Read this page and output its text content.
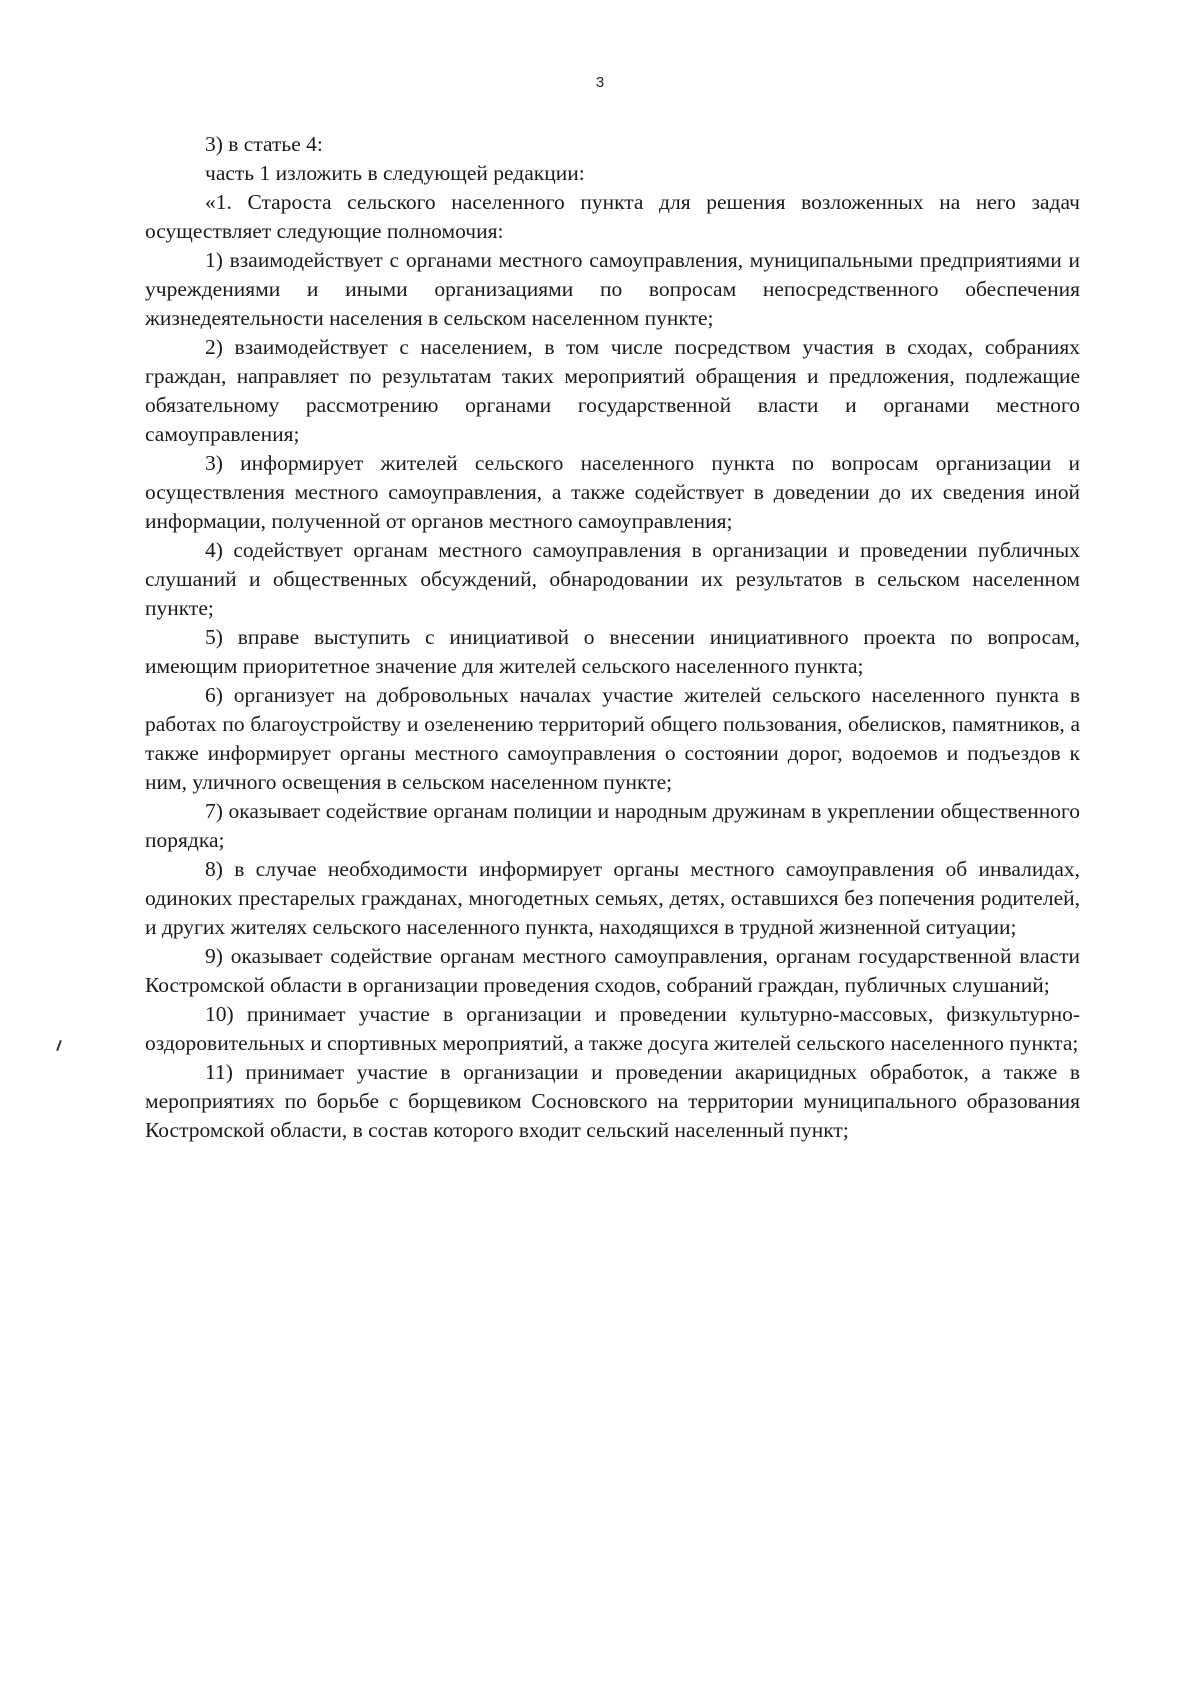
3

3) в статье 4:

часть 1 изложить в следующей редакции:

«1. Староста сельского населенного пункта для решения возложенных на него задач осуществляет следующие полномочия:

1) взаимодействует с органами местного самоуправления, муниципальными предприятиями и учреждениями и иными организациями по вопросам непосредственного обеспечения жизнедеятельности населения в сельском населенном пункте;

2) взаимодействует с населением, в том числе посредством участия в сходах, собраниях граждан, направляет по результатам таких мероприятий обращения и предложения, подлежащие обязательному рассмотрению органами государственной власти и органами местного самоуправления;

3) информирует жителей сельского населенного пункта по вопросам организации и осуществления местного самоуправления, а также содействует в доведении до их сведения иной информации, полученной от органов местного самоуправления;

4) содействует органам местного самоуправления в организации и проведении публичных слушаний и общественных обсуждений, обнародовании их результатов в сельском населенном пункте;

5) вправе выступить с инициативой о внесении инициативного проекта по вопросам, имеющим приоритетное значение для жителей сельского населенного пункта;

6) организует на добровольных началах участие жителей сельского населенного пункта в работах по благоустройству и озеленению территорий общего пользования, обелисков, памятников, а также информирует органы местного самоуправления о состоянии дорог, водоемов и подъездов к ним, уличного освещения в сельском населенном пункте;

7) оказывает содействие органам полиции и народным дружинам в укреплении общественного порядка;

8) в случае необходимости информирует органы местного самоуправления об инвалидах, одиноких престарелых гражданах, многодетных семьях, детях, оставшихся без попечения родителей, и других жителях сельского населенного пункта, находящихся в трудной жизненной ситуации;

9) оказывает содействие органам местного самоуправления, органам государственной власти Костромской области в организации проведения сходов, собраний граждан, публичных слушаний;

10) принимает участие в организации и проведении культурно-массовых, физкультурно-оздоровительных и спортивных мероприятий, а также досуга жителей сельского населенного пункта;

11) принимает участие в организации и проведении акарицидных обработок, а также в мероприятиях по борьбе с борщевиком Сосновского на территории муниципального образования Костромской области, в состав которого входит сельский населенный пункт;
